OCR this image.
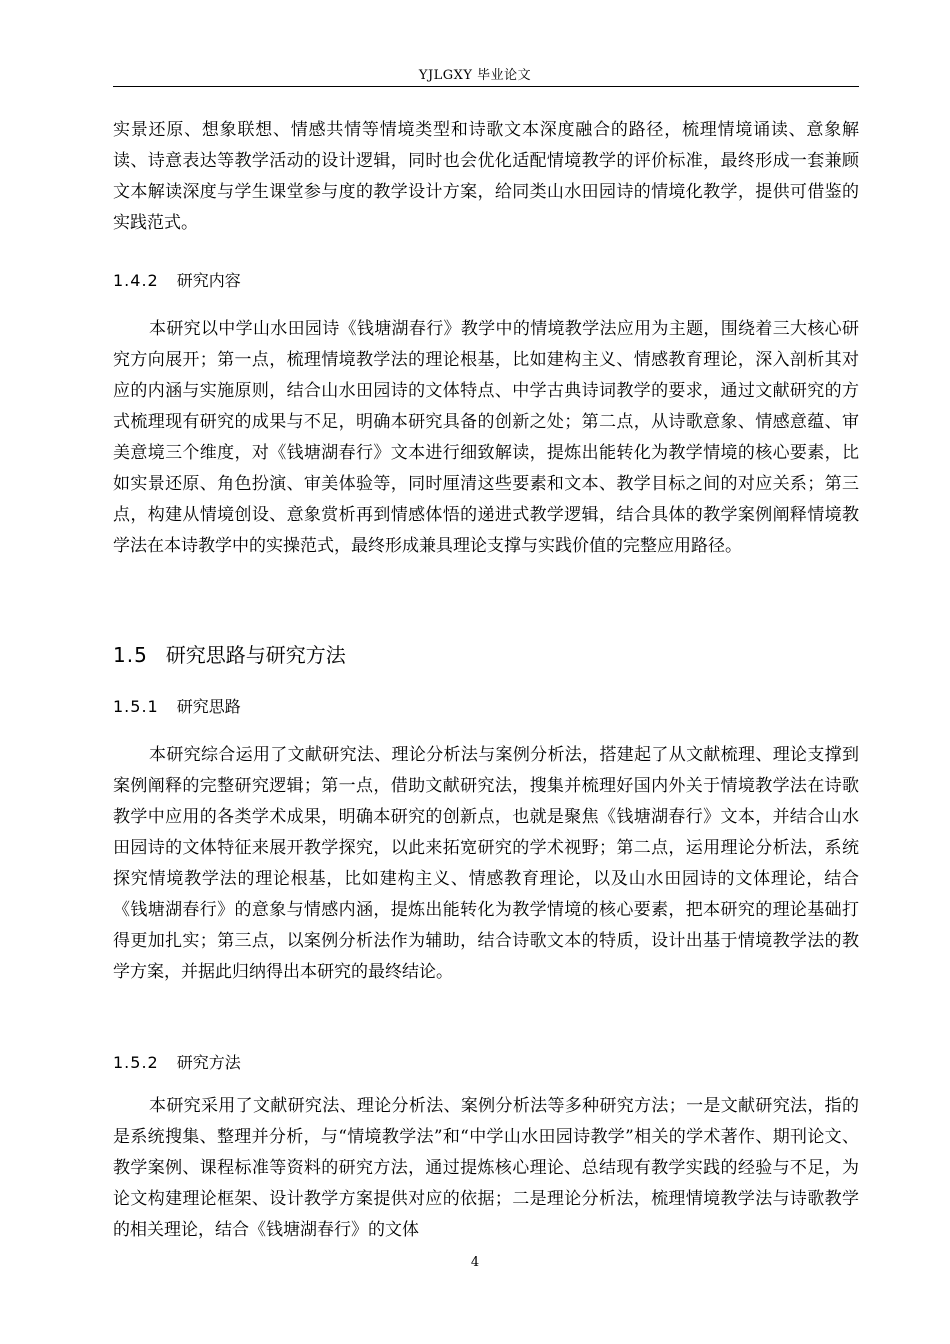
YJLGXY 毕业论文

实景还原、想象联想、情感共情等情境类型和诗歌文本深度融合的路径，梳理情境诵读、意象解读、诗意表达等教学活动的设计逻辑，同时也会优化适配情境教学的评价标准，最终形成一套兼顾文本解读深度与学生课堂参与度的教学设计方案，给同类山水田园诗的情境化教学，提供可借鉴的实践范式。

1.4.2 研究内容

本研究以中学山水田园诗《钱塘湖春行》教学中的情境教学法应用为主题，围绕着三大核心研究方向展开；第一点，梳理情境教学法的理论根基，比如建构主义、情感教育理论，深入剖析其对应的内涵与实施原则，结合山水田园诗的文体特点、中学古典诗词教学的要求，通过文献研究的方式梳理现有研究的成果与不足，明确本研究具备的创新之处；第二点，从诗歌意象、情感意蕴、审美意境三个维度，对《钱塘湖春行》文本进行细致解读，提炼出能转化为教学情境的核心要素，比如实景还原、角色扮演、审美体验等，同时厘清这些要素和文本、教学目标之间的对应关系；第三点，构建从情境创设、意象赏析再到情感体悟的递进式教学逻辑，结合具体的教学案例阐释情境教学法在本诗教学中的实操范式，最终形成兼具理论支撑与实践价值的完整应用路径。

1.5 研究思路与研究方法
1.5.1 研究思路

本研究综合运用了文献研究法、理论分析法与案例分析法，搭建起了从文献梳理、理论支撑到案例阐释的完整研究逻辑；第一点，借助文献研究法，搜集并梳理好国内外关于情境教学法在诗歌教学中应用的各类学术成果，明确本研究的创新点，也就是聚焦《钱塘湖春行》文本，并结合山水田园诗的文体特征来展开教学探究，以此来拓宽研究的学术视野；第二点，运用理论分析法，系统探究情境教学法的理论根基，比如建构主义、情感教育理论，以及山水田园诗的文体理论，结合《钱塘湖春行》的意象与情感内涵，提炼出能转化为教学情境的核心要素，把本研究的理论基础打得更加扎实；第三点，以案例分析法作为辅助，结合诗歌文本的特质，设计出基于情境教学法的教学方案，并据此归纳得出本研究的最终结论。

1.5.2 研究方法

本研究采用了文献研究法、理论分析法、案例分析法等多种研究方法；一是文献研究法，指的是系统搜集、整理并分析，与“情境教学法”和“中学山水田园诗教学”相关的学术著作、期刊论文、教学案例、课程标准等资料的研究方法，通过提炼核心理论、总结现有教学实践的经验与不足，为论文构建理论框架、设计教学方案提供对应的依据；二是理论分析法，梳理情境教学法与诗歌教学的相关理论，结合《钱塘湖春行》的文体

4
